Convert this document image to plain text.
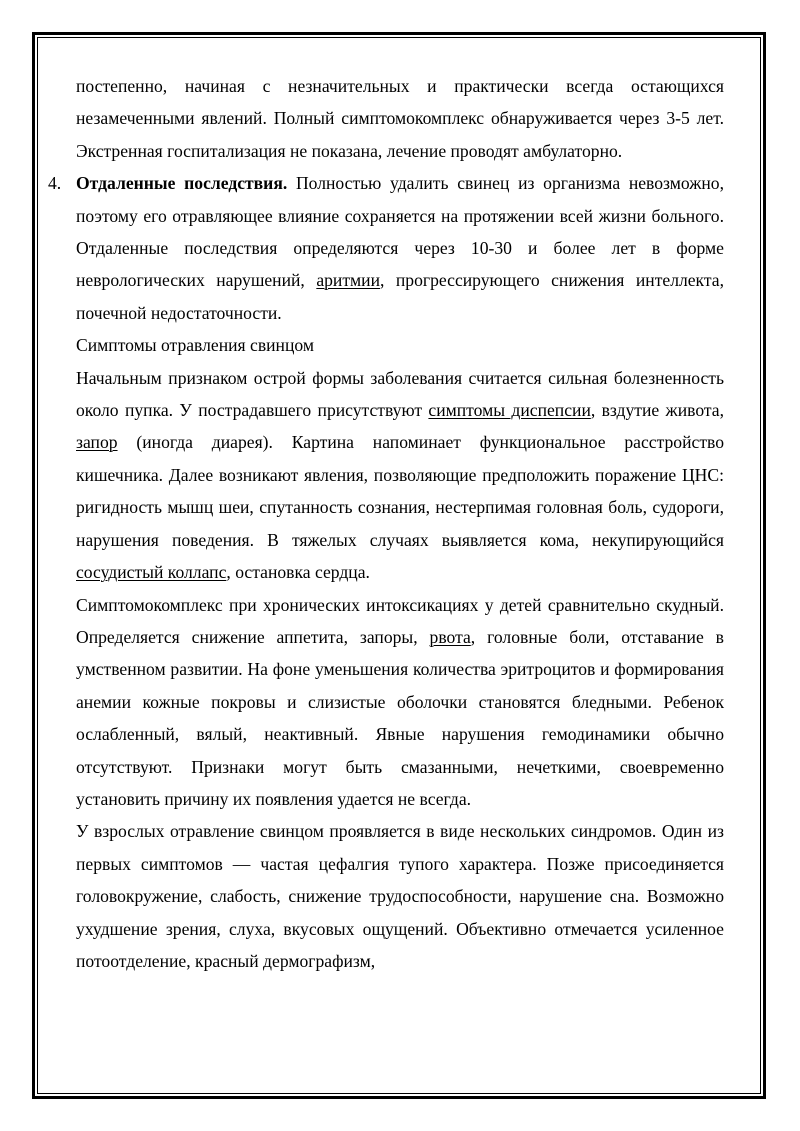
постепенно, начиная с незначительных и практически всегда остающихся незамеченными явлений. Полный симптомокомплекс обнаруживается через 3-5 лет. Экстренная госпитализация не показана, лечение проводят амбулаторно.

4. Отдаленные последствия. Полностью удалить свинец из организма невозможно, поэтому его отравляющее влияние сохраняется на протяжении всей жизни больного. Отдаленные последствия определяются через 10-30 и более лет в форме неврологических нарушений, аритмии, прогрессирующего снижения интеллекта, почечной недостаточности.

Симптомы отравления свинцом

Начальным признаком острой формы заболевания считается сильная болезненность около пупка. У пострадавшего присутствуют симптомы диспепсии, вздутие живота, запор (иногда диарея). Картина напоминает функциональное расстройство кишечника. Далее возникают явления, позволяющие предположить поражение ЦНС: ригидность мышц шеи, спутанность сознания, нестерпимая головная боль, судороги, нарушения поведения. В тяжелых случаях выявляется кома, некупирующийся сосудистый коллапс, остановка сердца.

Симптомокомплекс при хронических интоксикациях у детей сравнительно скудный. Определяется снижение аппетита, запоры, рвота, головные боли, отставание в умственном развитии. На фоне уменьшения количества эритроцитов и формирования анемии кожные покровы и слизистые оболочки становятся бледными. Ребенок ослабленный, вялый, неактивный. Явные нарушения гемодинамики обычно отсутствуют. Признаки могут быть смазанными, нечеткими, своевременно установить причину их появления удается не всегда.

У взрослых отравление свинцом проявляется в виде нескольких синдромов. Один из первых симптомов — частая цефалгия тупого характера. Позже присоединяется головокружение, слабость, снижение трудоспособности, нарушение сна. Возможно ухудшение зрения, слуха, вкусовых ощущений. Объективно отмечается усиленное потоотделение, красный дермографизм,
